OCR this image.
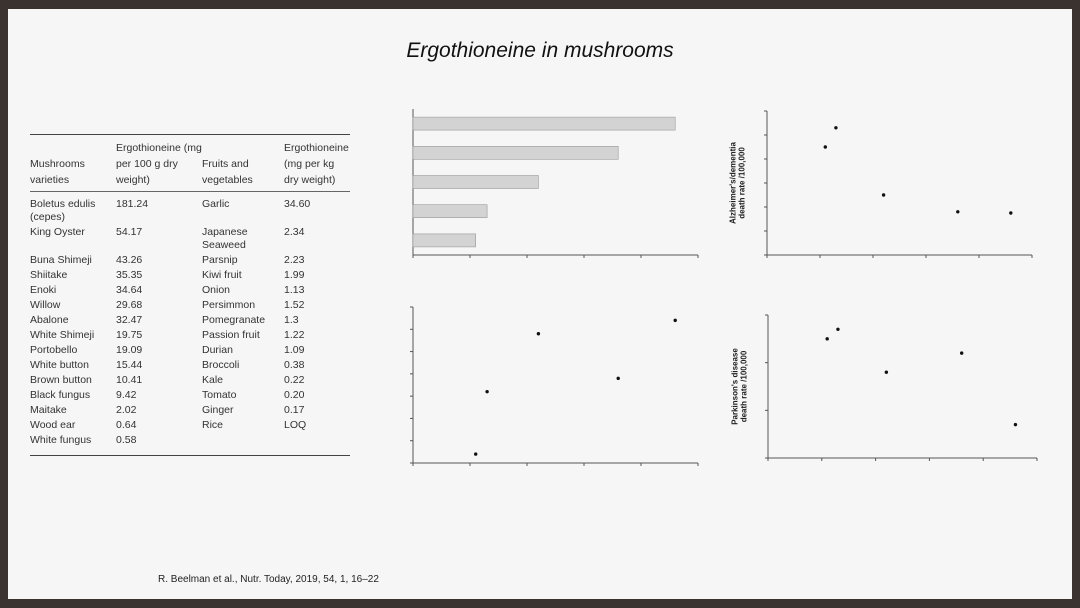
Ergothioneine in mushrooms
Mushrooms varieties	Ergothioneine (mg per 100 g dry weight)	Fruits and vegetables	Ergothioneine (mg per kg dry weight)
Boletus edulis (cepes)	181.24	Garlic	34.60
King Oyster	54.17	Japanese Seaweed	2.34
Buna Shimeji	43.26	Parsnip	2.23
Shiitake	35.35	Kiwi fruit	1.99
Enoki	34.64	Onion	1.13
Willow	29.68	Persimmon	1.52
Abalone	32.47	Pomegranate	1.3
White Shimeji	19.75	Passion fruit	1.22
Portobello	19.09	Durian	1.09
White button	15.44	Broccoli	0.38
Brown button	10.41	Kale	0.22
Black fungus	9.42	Tomato	0.20
Maitake	2.02	Ginger	0.17
Wood ear	0.64	Rice	LOQ
White fungus	0.58		
Alzheimer's/dementiadeath rate /100,000
Parkinson's diseasedeath rate /100,000
R. Beelman et al., Nutr. Today, 2019, 54, 1, 16–22
